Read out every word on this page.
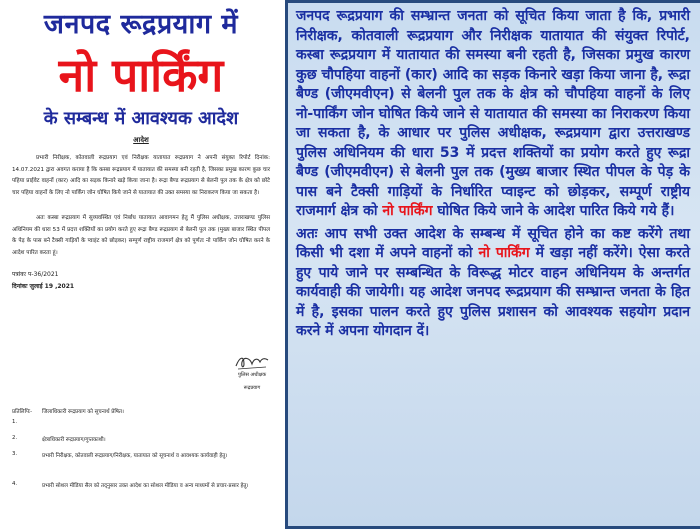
जनपद रूद्रप्रयाग में
नो पार्किंग
के सम्बन्ध में आवश्यक आदेश
आदेश

प्रभारी निरीक्षक, कोतवाली रूद्रप्रयाग एवं निरीक्षक यातायात रूद्रप्रयाग ने अपनी संयुक्त रिपोर्ट दिनांक: 14.07.2021 द्वारा अवगत कराया है कि कस्बा रूद्रप्रयाग में यातायात की समस्या बनी रहती है, जिसका प्रमुख कारण कुछ चार पहिया प्राईवेट वाहनों (कार) आदि का सड़क किनारे खड़े किया जाना है। रूद्रा बैण्ड रूद्रप्रयाग से बेलनी पुल तक के क्षेत्र को छोटे चार पहिया वाहनों के लिए नो पार्किंग जोन घोषित किये जाने से यातायात की उक्त समस्या का निराकरण किया जा सकता है।

अतः कस्बा रूद्रप्रयाग में सुव्यवस्थित एवं निर्बाध यातायात आवागमन हेतु मैं पुलिस अधीक्षक, उत्तराखण्ड पुलिस अधिनियम की धारा 53 में प्रदत्त शक्तियों का प्रयोग करते हुए रूद्रा बैण्ड रूद्रप्रयाग से बेलनी पुल तक (मुख्य बाजार स्थित पीपल के पेड़ के पास बने टैक्सी गाड़ियों के प्वाइंट को छोड़कर) सम्पूर्ण राष्ट्रीय राजमार्ग क्षेत्र को पूर्णतः नो पार्किंग जोन घोषित करने के आदेश पारित करता हूं।

पत्रांकः प-36/2021
दिनांकः जुलाई 19 ,2021
पुलिस अधीक्षक
रूद्रप्रयाग
प्रतिलिपिः- जिलाधिकारी रूद्रप्रयाग को सूचनार्थ प्रेषित।
1.
2.	क्षेत्राधिकारी रूद्रप्रयाग/गुप्तकाशी।
3.	प्रभारी निरीक्षक, कोतवाली रूद्रप्रयाग/निरीक्षक, यातायात को सूचनार्थ व आवश्यक कार्यवाही हेतु।
4.	प्रभारी सोशल मीडिया सैल को तद्नुसार उक्त आदेश का सोशल मीडिया व अन्य माध्यमों से प्रचार-प्रसार हेतु।

जनपद रूद्रप्रयाग की सम्भ्रान्त जनता को सूचित किया जाता है कि, प्रभारी निरीक्षक, कोतवाली रूद्रप्रयाग और निरीक्षक यातायात की संयुक्त रिपोर्ट, कस्बा रूद्रप्रयाग में यातायात की समस्या बनी रहती है, जिसका प्रमुख कारण कुछ चौपहिया वाहनों (कार) आदि का सड़क किनारे खड़ा किया जाना है, रूद्रा बैण्ड (जीएमवीएन) से बेलनी पुल तक के क्षेत्र को चौपहिया वाहनों के लिए नो-पार्किंग जोन घोषित किये जाने से यातायात की समस्या का निराकरण किया जा सकता है, के आधार पर पुलिस अधीक्षक, रूद्रप्रयाग द्वारा उत्तराखण्ड पुलिस अधिनियम की धारा 53 में प्रदत्त शक्तियों का प्रयोग करते हुए रूद्रा बैण्ड (जीएमवीएन) से बेलनी पुल तक (मुख्य बाजार स्थित पीपल के पेड़ के पास बने टैक्सी गाड़ियों के निर्धारित प्वाइन्ट को छोड़कर, सम्पूर्ण राष्ट्रीय राजमार्ग क्षेत्र को नो पार्किंग घोषित किये जाने के आदेश पारित किये गये हैं।

अतः आप सभी उक्त आदेश के सम्बन्ध में सूचित होने का कष्ट करेंगे तथा किसी भी दशा में अपने वाहनों को नो पार्किंग में खड़ा नहीं करेंगे। ऐसा करते हुए पाये जाने पर सम्बन्धित के विरूद्ध मोटर वाहन अधिनियम के अन्तर्गत कार्यवाही की जायेगी। यह आदेश जनपद रूद्रप्रयाग की सम्भ्रान्त जनता के हित में है, इसका पालन करते हुए पुलिस प्रशासन को आवश्यक सहयोग प्रदान करने में अपना योगदान दें।
